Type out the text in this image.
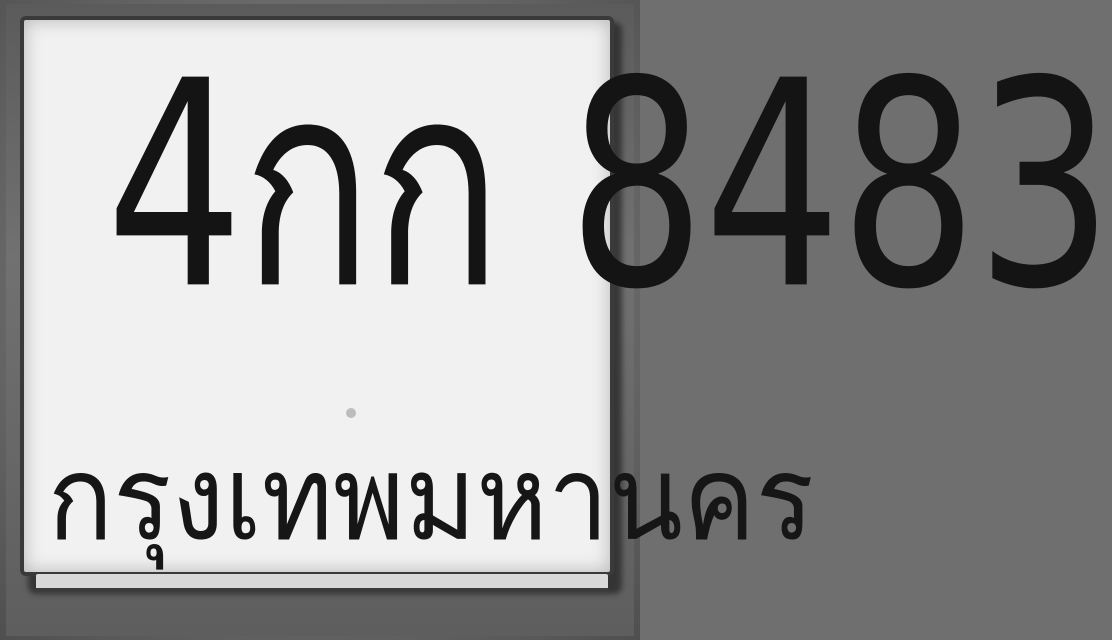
4กก 8483
กรุงเทพมหานคร
